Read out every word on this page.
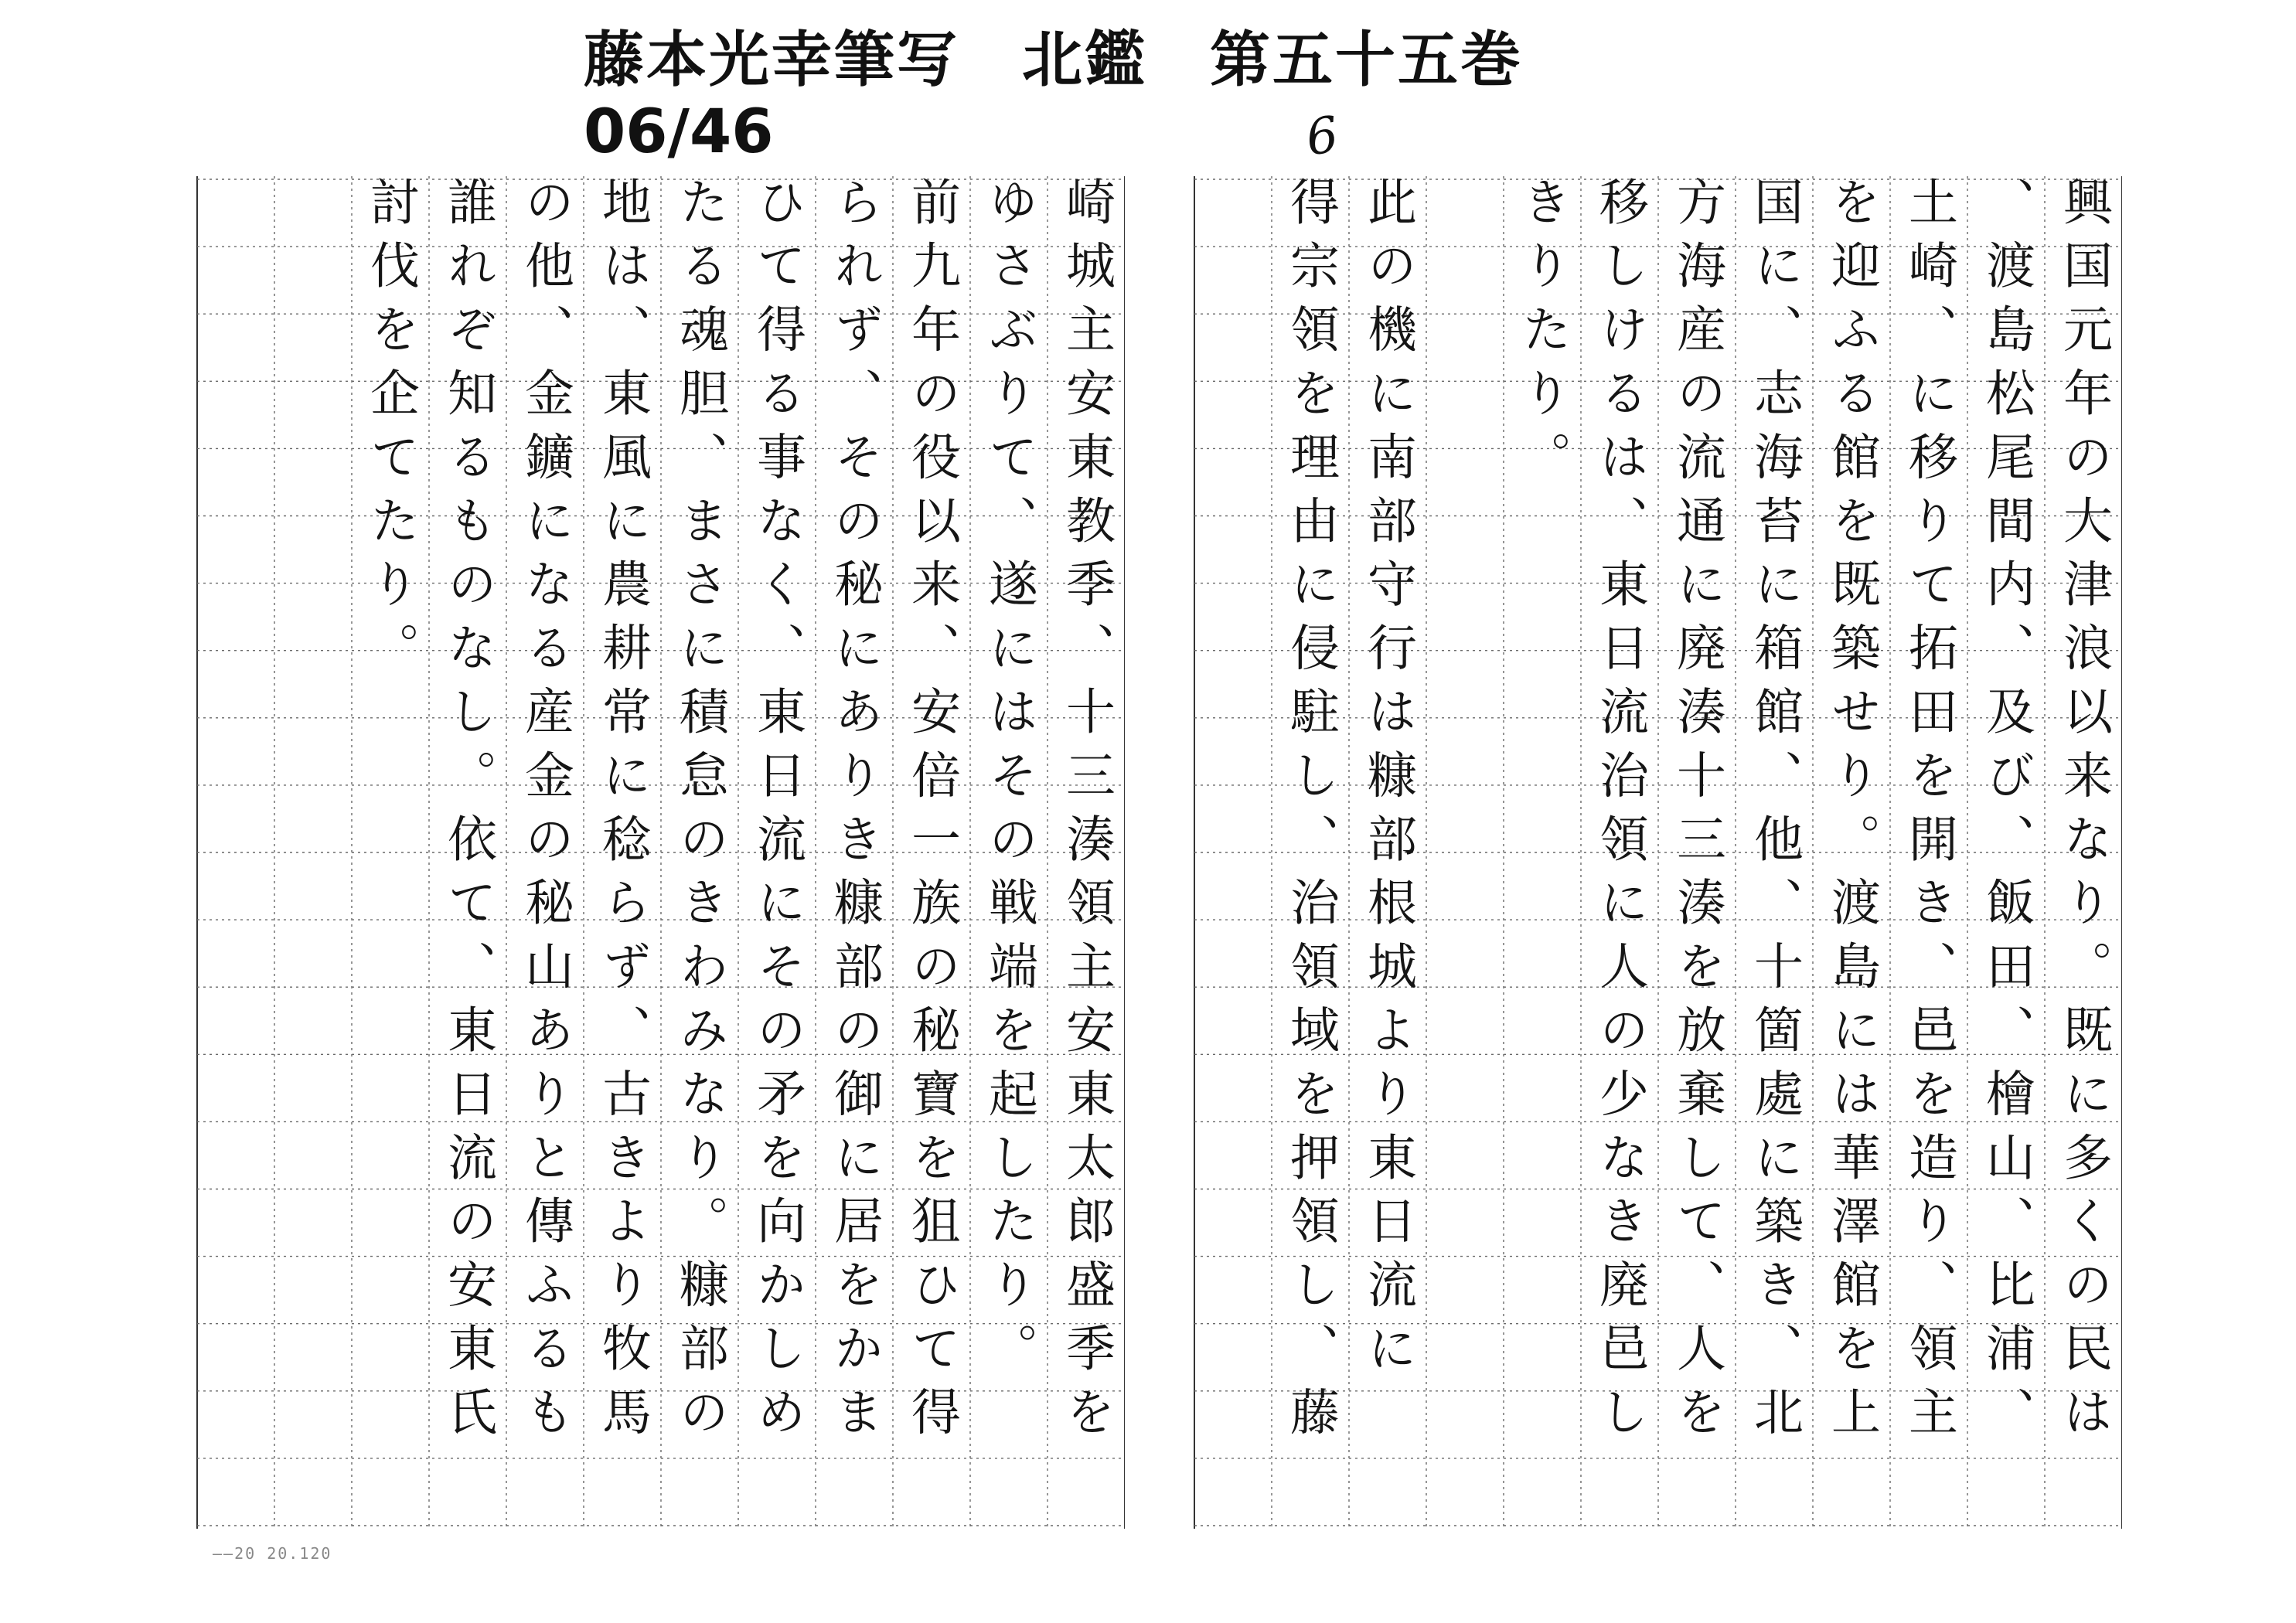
藤本光幸筆写　北鑑　第五十五巻

06/46	6
興国元年の大津浪以来なり。既に多くの民は
、渡島松尾間内、及び、飯田、檜山、比浦、
土崎、に移りて拓田を開き、邑を造り、領主
を迎ふる館を既築せり。渡島には華澤館を上
国に、志海苔に箱館、他、十箇處に築き、北
方海産の流通に廃湊十三湊を放棄して、人を
移しけるは、東日流治領に人の少なき廃邑し
きりたり。
此の機に南部守行は糠部根城より東日流に
得宗領を理由に侵駐し、治領域を押領し、藤
崎城主安東教季、十三湊領主安東太郎盛季を
ゆさぶりて、遂にはその戦端を起したり。
前九年の役以来、安倍一族の秘寶を狙ひて得
られず、その秘にありき糠部の御に居をかま
ひて得る事なく、東日流にその矛を向かしめ
たる魂胆、まさに積怠のきわみなり。糠部の
地は、東風に農耕常に稔らず、古きより牧馬
の他、金鑛になる産金の秘山ありと傳ふるも
誰れぞ知るものなし。依て、東日流の安東氏
討伐を企てたり。
——20 20.120
